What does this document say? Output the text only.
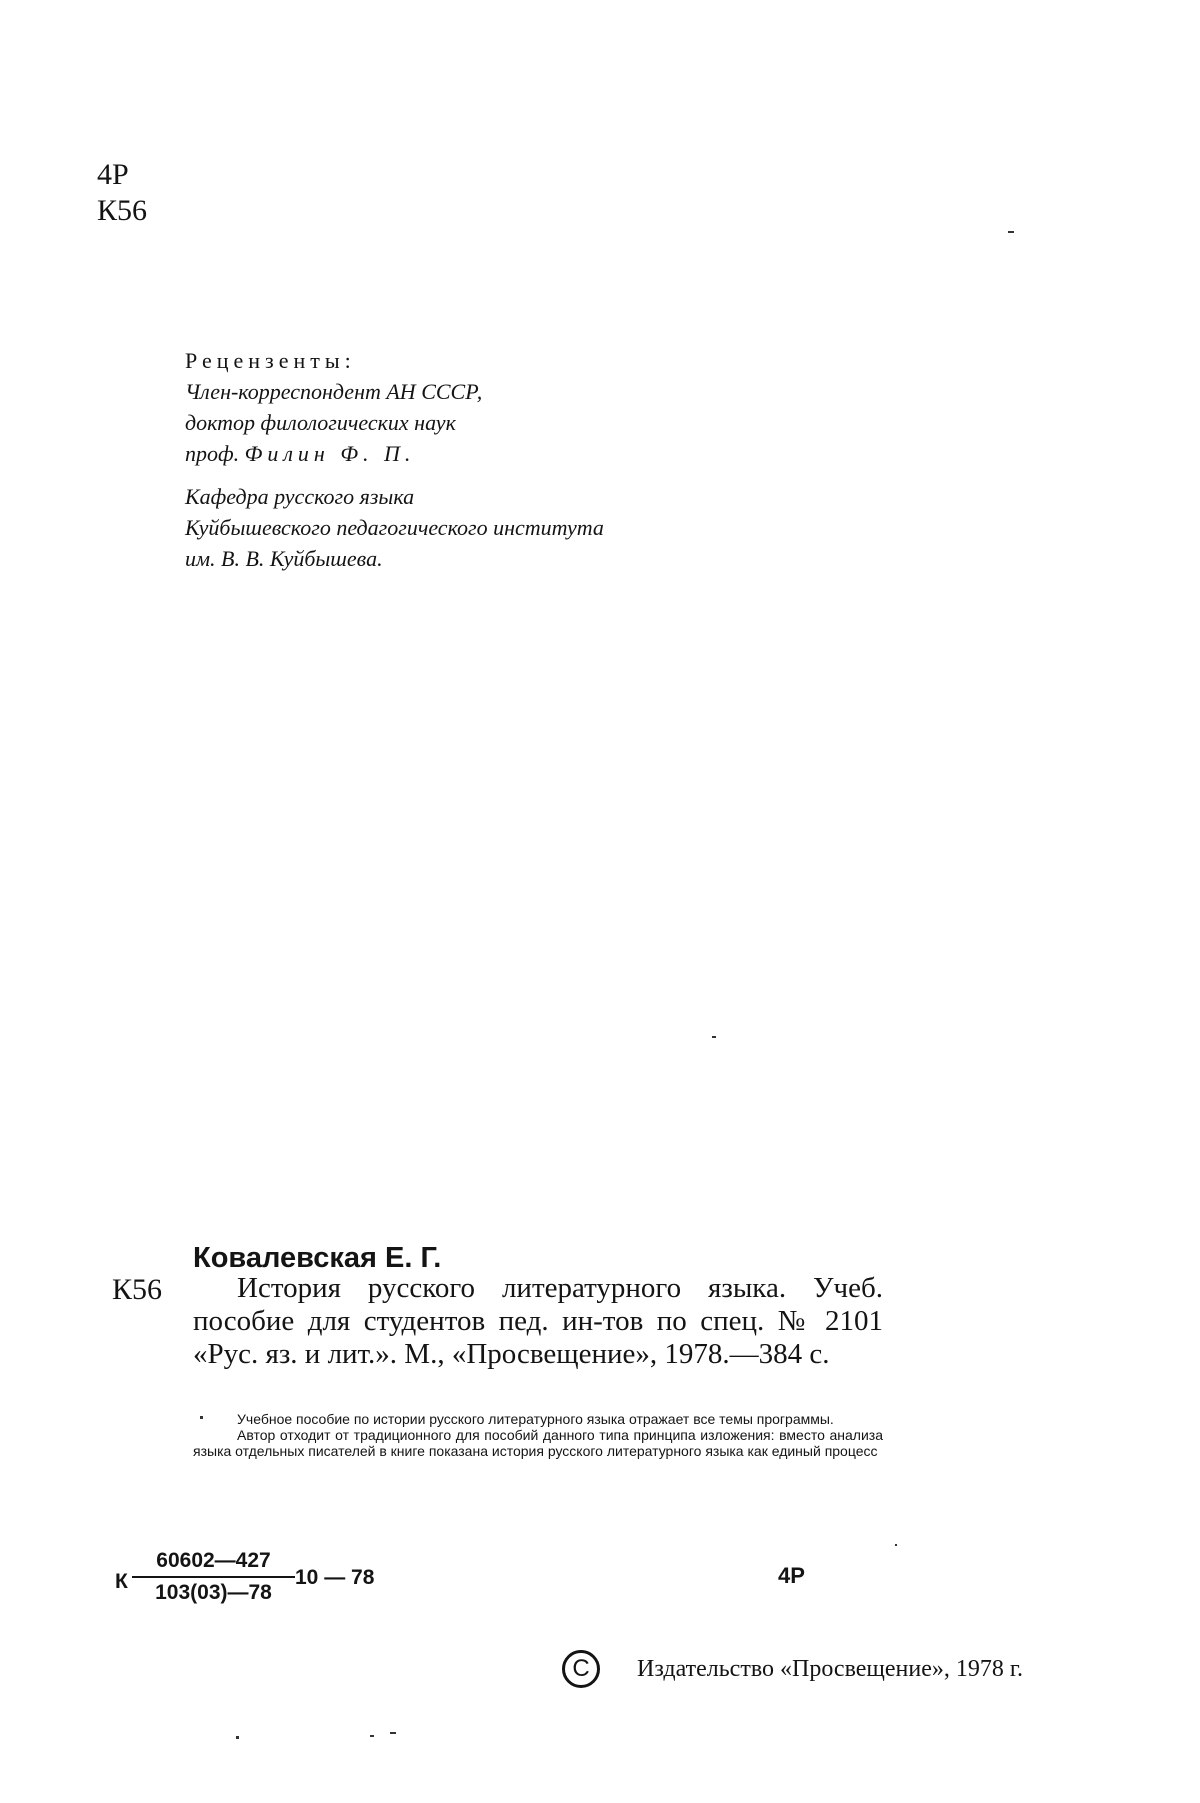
4Р
К56
Рецензенты:
Член-корреспондент АН СССР,
доктор филологических наук
проф. Филин Ф. П.
Кафедра русского языка
Куйбышевского педагогического института
им. В. В. Куйбышева.
Ковалевская Е. Г.
К56	История русского литературного языка. Учеб. пособие для студентов пед. ин-тов по спец. № 2101 «Рус. яз. и лит.». М., «Просвещение», 1978.—384 с.

Учебное пособие по истории русского литературного языка отражает все темы программы.

Автор отходит от традиционного для пособий данного типа принципа изложения: вместо анализа языка отдельных писателей в книге показана история русского литературного языка как единый процесс

К
60602—427
103(03)—78
10 — 78	4Р
C	Издательство «Просвещение», 1978 г.
